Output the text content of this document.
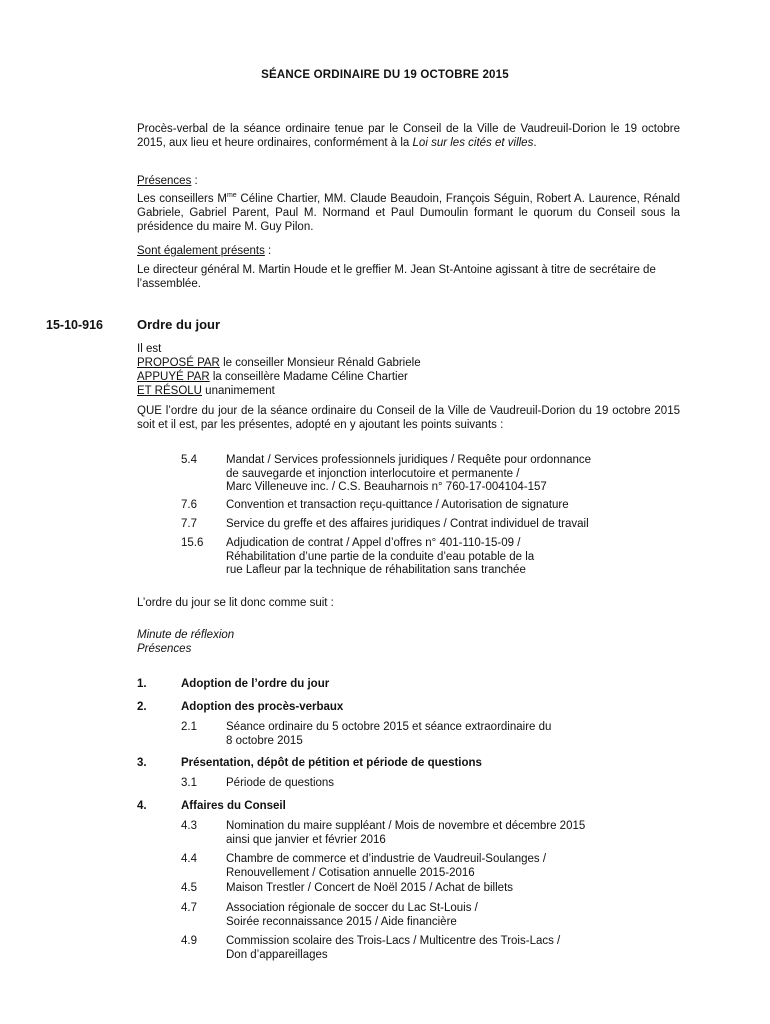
SÉANCE ORDINAIRE DU 19 OCTOBRE 2015
Procès-verbal de la séance ordinaire tenue par le Conseil de la Ville de Vaudreuil-Dorion le 19 octobre 2015, aux lieu et heure ordinaires, conformément à la Loi sur les cités et villes.
Présences :
Les conseillers $M^{me}$ Céline Chartier, MM. Claude Beaudoin, François Séguin, Robert A. Laurence, Rénald Gabriele, Gabriel Parent, Paul M. Normand et Paul Dumoulin formant le quorum du Conseil sous la présidence du maire M. Guy Pilon.
Sont également présents :
Le directeur général M. Martin Houde et le greffier M. Jean St-Antoine agissant à titre de secrétaire de l’assemblée.
15-10-916	Ordre du jour
Il est
PROPOSÉ PAR le conseiller Monsieur Rénald Gabriele
APPUYÉ PAR la conseillère Madame Céline Chartier
ET RÉSOLU unanimement
QUE l’ordre du jour de la séance ordinaire du Conseil de la Ville de Vaudreuil-Dorion du 19 octobre 2015 soit et il est, par les présentes, adopté en y ajoutant les points suivants :
5.4	Mandat / Services professionnels juridiques / Requête pour ordonnance
de sauvegarde et injonction interlocutoire et permanente /
Marc Villeneuve inc. / C.S. Beauharnois n° 760-17-004104-157
7.6	Convention et transaction reçu-quittance / Autorisation de signature
7.7	Service du greffe et des affaires juridiques / Contrat individuel de travail
15.6 Adjudication de contrat / Appel d’offres n° 401-110-15-09 /
Réhabilitation d’une partie de la conduite d’eau potable de la
rue Lafleur par la technique de réhabilitation sans tranchée
L’ordre du jour se lit donc comme suit :
Minute de réflexion
Présences
1.	Adoption de l’ordre du jour
2.	Adoption des procès-verbaux
2.1	Séance ordinaire du 5 octobre 2015 et séance extraordinaire du
8 octobre 2015
3.	Présentation, dépôt de pétition et période de questions
3.1	Période de questions
4.	Affaires du Conseil
4.3	Nomination du maire suppléant / Mois de novembre et décembre 2015
ainsi que janvier et février 2016
4.4	Chambre de commerce et d’industrie de Vaudreuil-Soulanges /
Renouvellement / Cotisation annuelle 2015-2016
4.5	Maison Trestler / Concert de Noël 2015 / Achat de billets
4.7	Association régionale de soccer du Lac St-Louis /
Soirée reconnaissance 2015 / Aide financière
4.9	Commission scolaire des Trois-Lacs / Multicentre des Trois-Lacs /
Don d’appareillages
